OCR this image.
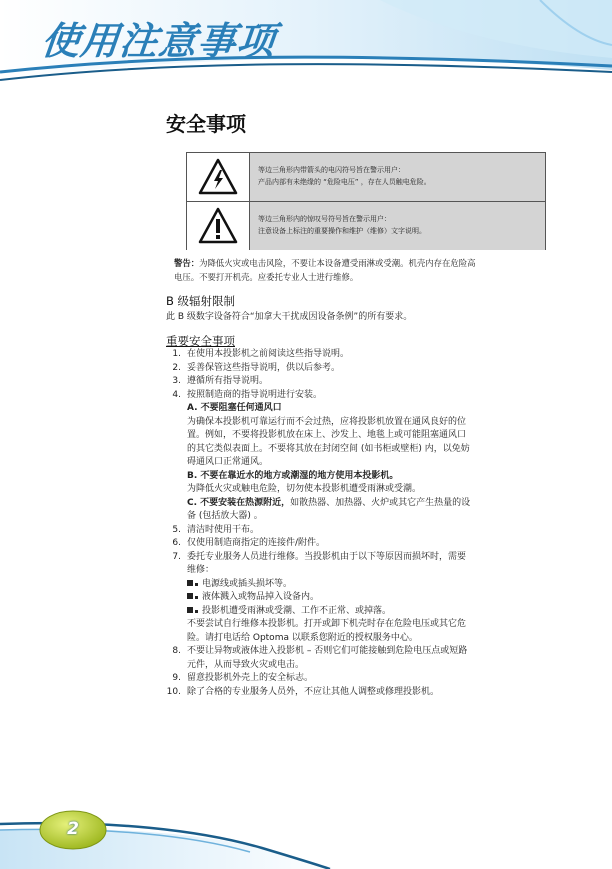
使用注意事项
安全事项
等边三角形内带箭头的电闪符号旨在警示用户：
产品内部有未绝缘的 “危险电压” ，存在人员触电危险。
等边三角形内的惊叹号符号旨在警示用户：
注意设备上标注的重要操作和维护（维修）文字说明。
警告：为降低火灾或电击风险，不要让本设备遭受雨淋或受潮。机壳内存在危险高
电压。不要打开机壳。应委托专业人士进行维修。
B 级辐射限制
此 B 级数字设备符合“加拿大干扰成因设备条例”的所有要求。
重要安全事项
1. 在使用本投影机之前阅读这些指导说明。
2. 妥善保管这些指导说明，供以后参考。
3. 遵循所有指导说明。
4. 按照制造商的指导说明进行安装。
A. 不要阻塞任何通风口
为确保本投影机可靠运行而不会过热，应将投影机放置在通风良好的位
置。例如，不要将投影机放在床上、沙发上、地毯上或可能阻塞通风口
的其它类似表面上。不要将其放在封闭空间 (如书柜或壁柜) 内，以免妨
碍通风口正常通风。
B. 不要在靠近水的地方或潮湿的地方使用本投影机。
为降低火灾或触电危险，切勿使本投影机遭受雨淋或受潮。
C. 不要安装在热源附近，如散热器、加热器、火炉或其它产生热量的设
备 (包括放大器) 。
5. 清洁时使用干布。
6. 仅使用制造商指定的连接件/附件。
7. 委托专业服务人员进行维修。当投影机由于以下等原因而损坏时，需要
维修：
电源线或插头损坏等。
液体溅入或物品掉入设备内。
投影机遭受雨淋或受潮、工作不正常、或掉落。
不要尝试自行维修本投影机。打开或卸下机壳时存在危险电压或其它危
险。请打电话给 Optoma 以联系您附近的授权服务中心。
8. 不要让异物或液体进入投影机 – 否则它们可能接触到危险电压点或短路
元件，从而导致火灾或电击。
9. 留意投影机外壳上的安全标志。
10. 除了合格的专业服务人员外，不应让其他人调整或修理投影机。
2
